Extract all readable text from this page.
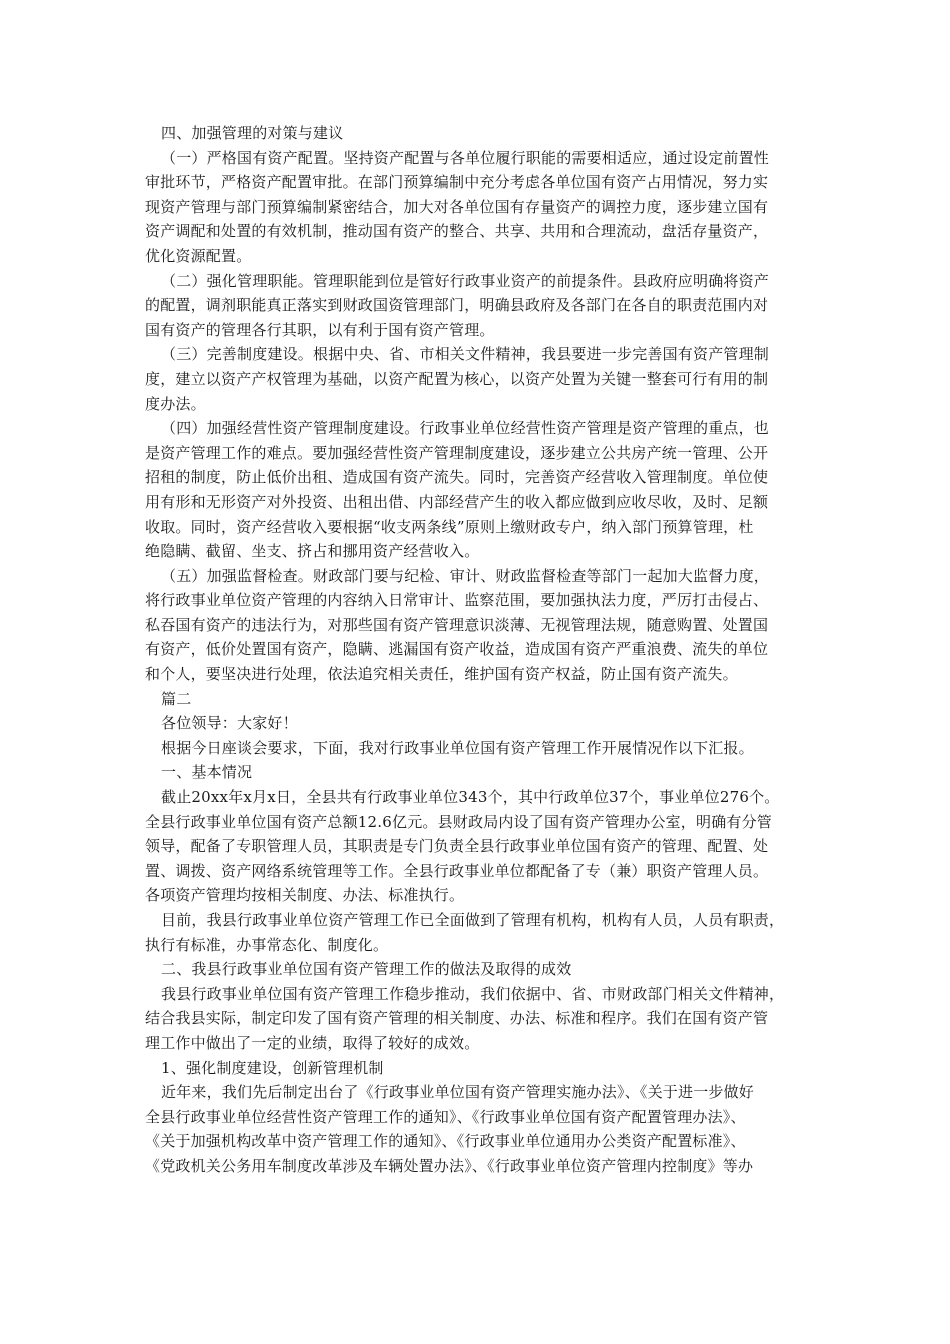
四、加强管理的对策与建议
（一）严格国有资产配置。坚持资产配置与各单位履行职能的需要相适应，通过设定前置性
审批环节，严格资产配置审批。在部门预算编制中充分考虑各单位国有资产占用情况，努力实
现资产管理与部门预算编制紧密结合，加大对各单位国有存量资产的调控力度，逐步建立国有
资产调配和处置的有效机制，推动国有资产的整合、共享、共用和合理流动，盘活存量资产，
优化资源配置。
（二）强化管理职能。管理职能到位是管好行政事业资产的前提条件。县政府应明确将资产
的配置，调剂职能真正落实到财政国资管理部门，明确县政府及各部门在各自的职责范围内对
国有资产的管理各行其职，以有利于国有资产管理。
（三）完善制度建设。根据中央、省、市相关文件精神，我县要进一步完善国有资产管理制
度，建立以资产产权管理为基础，以资产配置为核心，以资产处置为关键一整套可行有用的制
度办法。
（四）加强经营性资产管理制度建设。行政事业单位经营性资产管理是资产管理的重点，也
是资产管理工作的难点。要加强经营性资产管理制度建设，逐步建立公共房产统一管理、公开
招租的制度，防止低价出租、造成国有资产流失。同时，完善资产经营收入管理制度。单位使
用有形和无形资产对外投资、出租出借、内部经营产生的收入都应做到应收尽收，及时、足额
收取。同时，资产经营收入要根据“收支两条线”原则上缴财政专户，纳入部门预算管理，杜
绝隐瞒、截留、坐支、挤占和挪用资产经营收入。
（五）加强监督检查。财政部门要与纪检、审计、财政监督检查等部门一起加大监督力度，
将行政事业单位资产管理的内容纳入日常审计、监察范围，要加强执法力度，严厉打击侵占、
私吞国有资产的违法行为，对那些国有资产管理意识淡薄、无视管理法规，随意购置、处置国
有资产，低价处置国有资产，隐瞒、逃漏国有资产收益，造成国有资产严重浪费、流失的单位
和个人，要坚决进行处理，依法追究相关责任，维护国有资产权益，防止国有资产流失。
篇二
各位领导：大家好！
根据今日座谈会要求，下面，我对行政事业单位国有资产管理工作开展情况作以下汇报。
一、基本情况
截止20xx年x月x日，全县共有行政事业单位343个，其中行政单位37个，事业单位276个。
全县行政事业单位国有资产总额12.6亿元。县财政局内设了国有资产管理办公室，明确有分管
领导，配备了专职管理人员，其职责是专门负责全县行政事业单位国有资产的管理、配置、处
置、调拨、资产网络系统管理等工作。全县行政事业单位都配备了专（兼）职资产管理人员。
各项资产管理均按相关制度、办法、标准执行。
目前，我县行政事业单位资产管理工作已全面做到了管理有机构，机构有人员，人员有职责，
执行有标准，办事常态化、制度化。
二、我县行政事业单位国有资产管理工作的做法及取得的成效
我县行政事业单位国有资产管理工作稳步推动，我们依据中、省、市财政部门相关文件精神，
结合我县实际，制定印发了国有资产管理的相关制度、办法、标准和程序。我们在国有资产管
理工作中做出了一定的业绩，取得了较好的成效。
1、强化制度建设，创新管理机制
近年来，我们先后制定出台了《行政事业单位国有资产管理实施办法》、《关于进一步做好
全县行政事业单位经营性资产管理工作的通知》、《行政事业单位国有资产配置管理办法》、
《关于加强机构改革中资产管理工作的通知》、《行政事业单位通用办公类资产配置标准》、
《党政机关公务用车制度改革涉及车辆处置办法》、《行政事业单位资产管理内控制度》等办
